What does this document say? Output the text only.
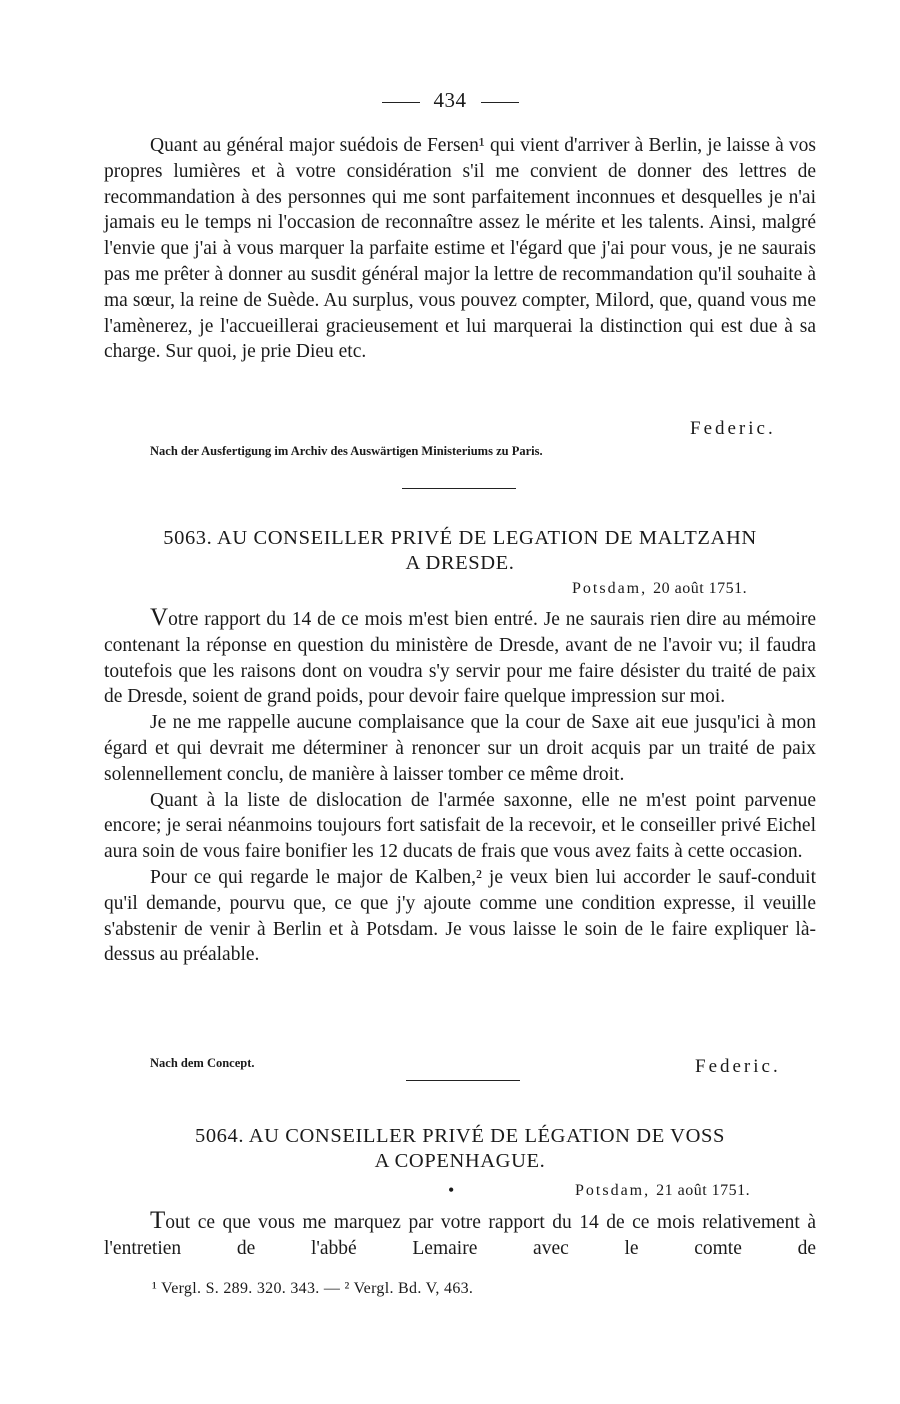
434

Quant au général major suédois de Fersen¹ qui vient d'arriver à Berlin, je laisse à vos propres lumières et à votre considération s'il me convient de donner des lettres de recommandation à des personnes qui me sont parfaitement inconnues et desquelles je n'ai jamais eu le temps ni l'occasion de reconnaître assez le mérite et les talents. Ainsi, malgré l'envie que j'ai à vous marquer la parfaite estime et l'égard que j'ai pour vous, je ne saurais pas me prêter à donner au susdit général major la lettre de recommandation qu'il souhaite à ma sœur, la reine de Suède. Au surplus, vous pouvez compter, Milord, que, quand vous me l'amènerez, je l'accueillerai gracieusement et lui marquerai la distinction qui est due à sa charge. Sur quoi, je prie Dieu etc.

Federic.
Nach der Ausfertigung im Archiv des Auswärtigen Ministeriums zu Paris.
5063. AU CONSEILLER PRIVÉ DE LEGATION DE MALTZAHN
A DRESDE.
Potsdam, 20 août 1751.

Votre rapport du 14 de ce mois m'est bien entré. Je ne saurais rien dire au mémoire contenant la réponse en question du ministère de Dresde, avant de ne l'avoir vu; il faudra toutefois que les raisons dont on voudra s'y servir pour me faire désister du traité de paix de Dresde, soient de grand poids, pour devoir faire quelque impression sur moi.

Je ne me rappelle aucune complaisance que la cour de Saxe ait eue jusqu'ici à mon égard et qui devrait me déterminer à renoncer sur un droit acquis par un traité de paix solennellement conclu, de manière à laisser tomber ce même droit.

Quant à la liste de dislocation de l'armée saxonne, elle ne m'est point parvenue encore; je serai néanmoins toujours fort satisfait de la recevoir, et le conseiller privé Eichel aura soin de vous faire bonifier les 12 ducats de frais que vous avez faits à cette occasion.

Pour ce qui regarde le major de Kalben,² je veux bien lui accorder le sauf-conduit qu'il demande, pourvu que, ce que j'y ajoute comme une condition expresse, il veuille s'abstenir de venir à Berlin et à Potsdam. Je vous laisse le soin de le faire expliquer là-dessus au préalable.

Nach dem Concept.	Federic.
5064. AU CONSEILLER PRIVÉ DE LÉGATION DE VOSS
A COPENHAGUE.
•	Potsdam, 21 août 1751.

Tout ce que vous me marquez par votre rapport du 14 de ce mois relativement à l'entretien de l'abbé Lemaire avec le comte de

¹ Vergl. S. 289. 320. 343. — ² Vergl. Bd. V, 463.
